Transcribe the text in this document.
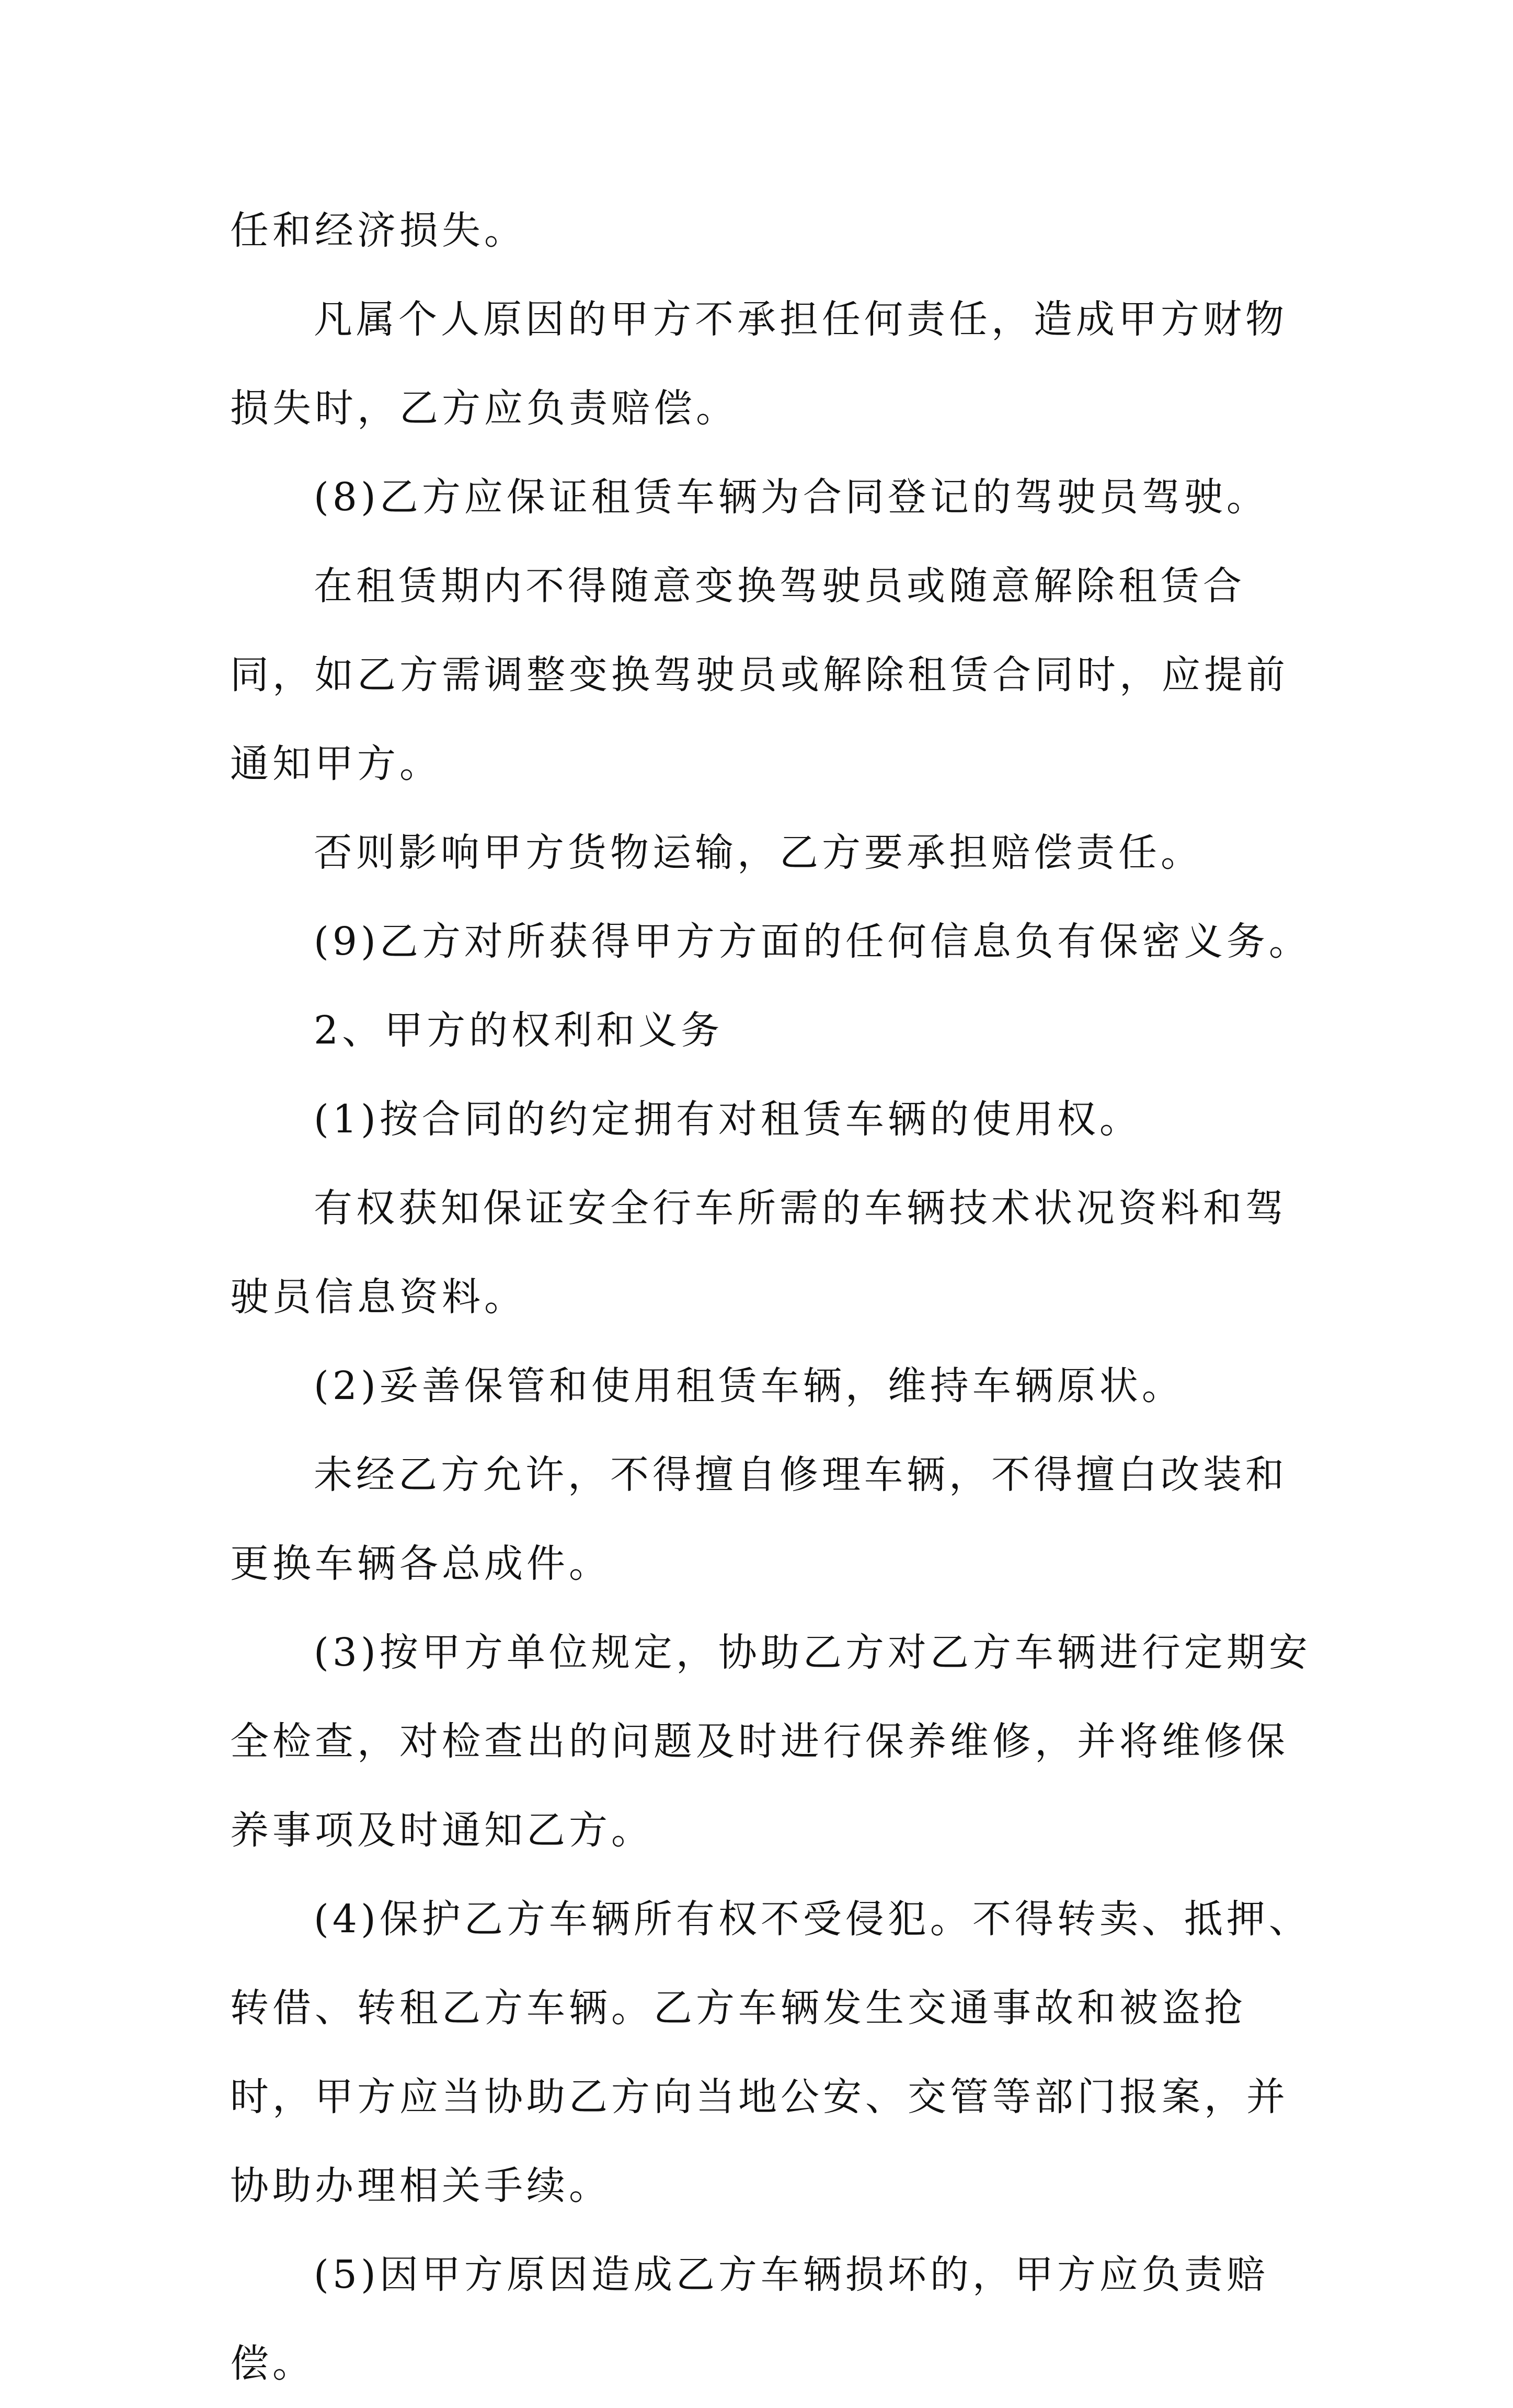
任和经济损失。

凡属个人原因的甲方不承担任何责任，造成甲方财物损失时，乙方应负责赔偿。

(8)乙方应保证租赁车辆为合同登记的驾驶员驾驶。

在租赁期内不得随意变换驾驶员或随意解除租赁合同，如乙方需调整变换驾驶员或解除租赁合同时，应提前通知甲方。

否则影响甲方货物运输，乙方要承担赔偿责任。

(9)乙方对所获得甲方方面的任何信息负有保密义务。

2、甲方的权利和义务

(1)按合同的约定拥有对租赁车辆的使用权。

有权获知保证安全行车所需的车辆技术状况资料和驾驶员信息资料。

(2)妥善保管和使用租赁车辆，维持车辆原状。

未经乙方允许，不得擅自修理车辆，不得擅白改装和更换车辆各总成件。

(3)按甲方单位规定，协助乙方对乙方车辆进行定期安全检查，对检查出的问题及时进行保养维修，并将维修保养事项及时通知乙方。

(4)保护乙方车辆所有权不受侵犯。不得转卖、抵押、转借、转租乙方车辆。乙方车辆发生交通事故和被盗抢时，甲方应当协助乙方向当地公安、交管等部门报案，并协助办理相关手续。

(5)因甲方原因造成乙方车辆损坏的，甲方应负责赔偿。
